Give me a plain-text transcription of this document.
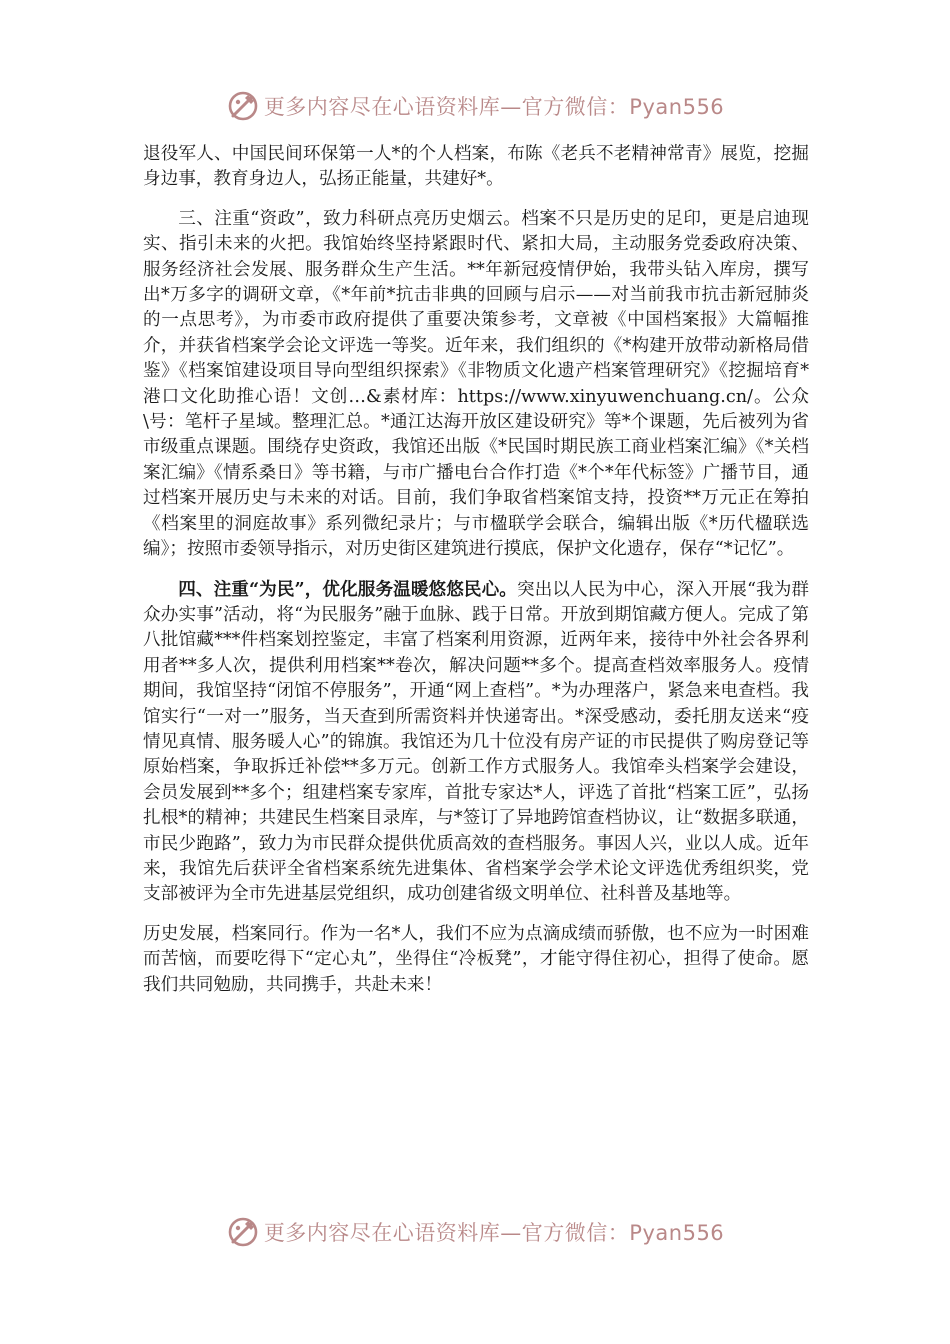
更多内容尽在心语资料库—官方微信：Pyan556

退役军人、中国民间环保第一人*的个人档案，布陈《老兵不老精神常青》展览，挖掘身边事，教育身边人，弘扬正能量，共建好*。

三、注重“资政”，致力科研点亮历史烟云。档案不只是历史的足印，更是启迪现实、指引未来的火把。我馆始终坚持紧跟时代、紧扣大局，主动服务党委政府决策、服务经济社会发展、服务群众生产生活。**年新冠疫情伊始，我带头钻入库房，撰写出*万多字的调研文章，《*年前*抗击非典的回顾与启示——对当前我市抗击新冠肺炎的一点思考》，为市委市政府提供了重要决策参考，文章被《中国档案报》大篇幅推介，并获省档案学会论文评选一等奖。近年来，我们组织的《*构建开放带动新格局借鉴》《档案馆建设项目导向型组织探索》《非物质文化遗产档案管理研究》《挖掘培育*港口文化助推心语！文创…&素材库：https://www.xinyuwenchuang.cn/。公众\号：笔杆子星域。整理汇总。*通江达海开放区建设研究》等*个课题，先后被列为省市级重点课题。围绕存史资政，我馆还出版《*民国时期民族工商业档案汇编》《*关档案汇编》《情系桑日》等书籍，与市广播电台合作打造《*个*年代标签》广播节目，通过档案开展历史与未来的对话。目前，我们争取省档案馆支持，投资**万元正在筹拍《档案里的洞庭故事》系列微纪录片；与市楹联学会联合，编辑出版《*历代楹联选编》；按照市委领导指示，对历史街区建筑进行摸底，保护文化遗存，保存“*记忆”。

四、注重“为民”，优化服务温暖悠悠民心。突出以人民为中心，深入开展“我为群众办实事”活动，将“为民服务”融于血脉、践于日常。开放到期馆藏方便人。完成了第八批馆藏***件档案划控鉴定，丰富了档案利用资源，近两年来，接待中外社会各界利用者**多人次，提供利用档案**卷次，解决问题**多个。提高查档效率服务人。疫情期间，我馆坚持“闭馆不停服务”，开通“网上查档”。*为办理落户，紧急来电查档。我馆实行“一对一”服务，当天查到所需资料并快递寄出。*深受感动，委托朋友送来“疫情见真情、服务暖人心”的锦旗。我馆还为几十位没有房产证的市民提供了购房登记等原始档案，争取拆迁补偿**多万元。创新工作方式服务人。我馆牵头档案学会建设，会员发展到**多个；组建档案专家库，首批专家达*人，评选了首批“档案工匠”，弘扬扎根*的精神；共建民生档案目录库，与*签订了异地跨馆查档协议，让“数据多联通，市民少跑路”，致力为市民群众提供优质高效的查档服务。事因人兴，业以人成。近年来，我馆先后获评全省档案系统先进集体、省档案学会学术论文评选优秀组织奖，党支部被评为全市先进基层党组织，成功创建省级文明单位、社科普及基地等。

历史发展，档案同行。作为一名*人，我们不应为点滴成绩而骄傲，也不应为一时困难而苦恼，而要吃得下“定心丸”，坐得住“冷板凳”，才能守得住初心，担得了使命。愿我们共同勉励，共同携手，共赴未来！

更多内容尽在心语资料库—官方微信：Pyan556
